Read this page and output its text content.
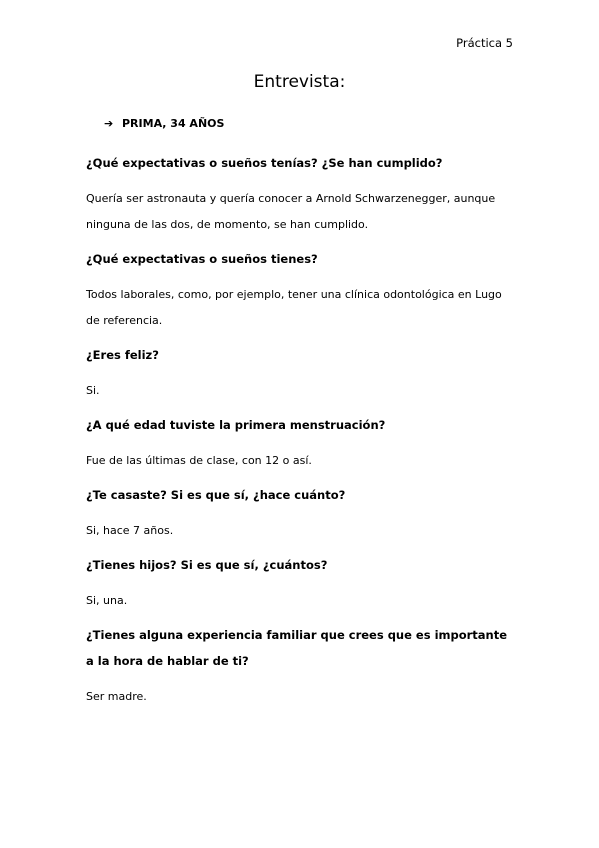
Práctica 5
Entrevista:
➔ PRIMA, 34 AÑOS

¿Qué expectativas o sueños tenías? ¿Se han cumplido?

Quería ser astronauta y quería conocer a Arnold Schwarzenegger, aunque ninguna de las dos, de momento, se han cumplido.

¿Qué expectativas o sueños tienes?

Todos laborales, como, por ejemplo, tener una clínica odontológica en Lugo de referencia.

¿Eres feliz?

Si.

¿A qué edad tuviste la primera menstruación?

Fue de las últimas de clase, con 12 o así.

¿Te casaste? Si es que sí, ¿hace cuánto?

Si, hace 7 años.

¿Tienes hijos? Si es que sí, ¿cuántos?

Si, una.

¿Tienes alguna experiencia familiar que crees que es importante a la hora de hablar de ti?

Ser madre.
